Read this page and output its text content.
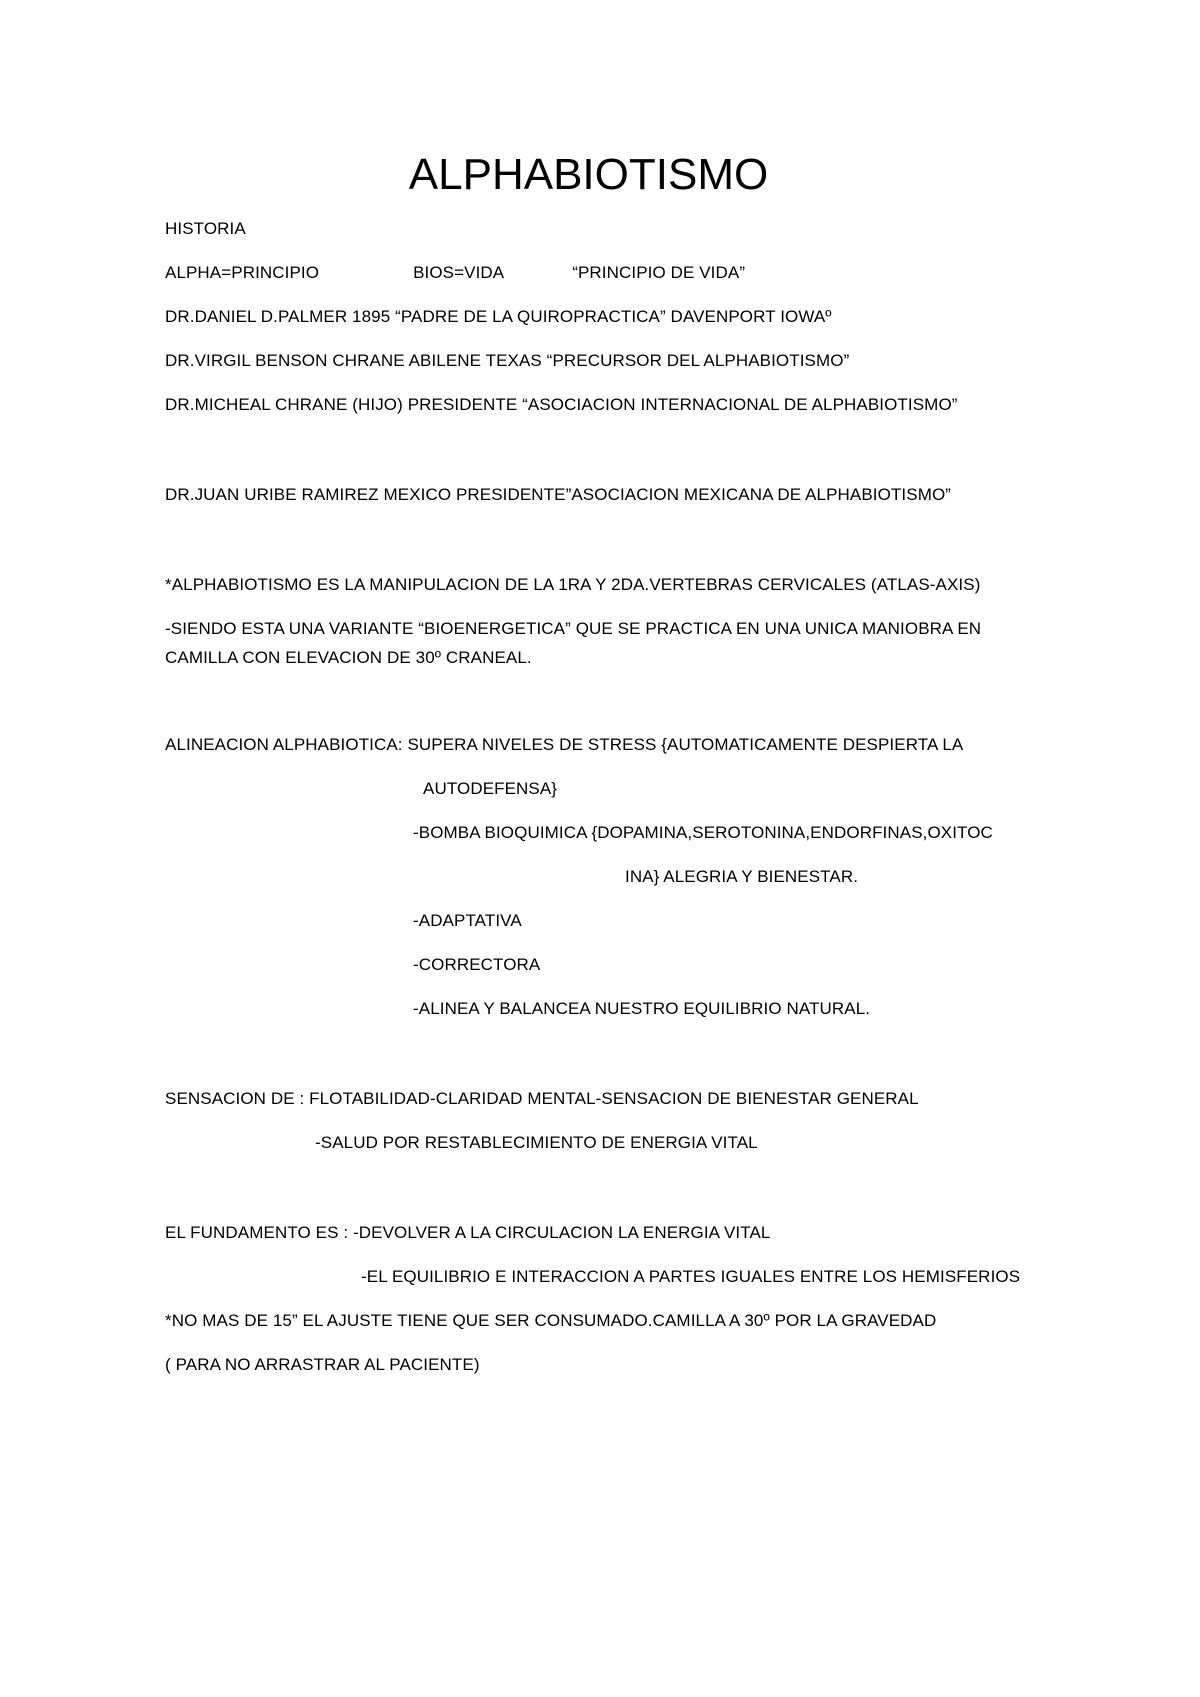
ALPHABIOTISMO
HISTORIA
ALPHA=PRINCIPIO	BIOS=VIDA	“PRINCIPIO DE VIDA”
DR.DANIEL D.PALMER 1895 “PADRE DE LA QUIROPRACTICA” DAVENPORT IOWAº
DR.VIRGIL BENSON CHRANE ABILENE TEXAS “PRECURSOR DEL ALPHABIOTISMO”
DR.MICHEAL CHRANE (HIJO) PRESIDENTE “ASOCIACION INTERNACIONAL DE ALPHABIOTISMO”
DR.JUAN URIBE RAMIREZ MEXICO PRESIDENTE”ASOCIACION MEXICANA DE ALPHABIOTISMO”
*ALPHABIOTISMO ES LA MANIPULACION DE LA 1RA Y 2DA.VERTEBRAS CERVICALES (ATLAS-AXIS)
-SIENDO ESTA UNA VARIANTE “BIOENERGETICA” QUE SE PRACTICA EN UNA UNICA MANIOBRA EN
CAMILLA CON ELEVACION DE 30º CRANEAL.
ALINEACION ALPHABIOTICA: SUPERA NIVELES DE STRESS {AUTOMATICAMENTE DESPIERTA LA
AUTODEFENSA}
-BOMBA BIOQUIMICA {DOPAMINA,SEROTONINA,ENDORFINAS,OXITOC
INA} ALEGRIA Y BIENESTAR.
-ADAPTATIVA
-CORRECTORA
-ALINEA Y BALANCEA NUESTRO EQUILIBRIO NATURAL.
SENSACION DE : FLOTABILIDAD-CLARIDAD MENTAL-SENSACION DE BIENESTAR GENERAL
-SALUD POR RESTABLECIMIENTO DE ENERGIA VITAL
EL FUNDAMENTO ES : -DEVOLVER A LA CIRCULACION LA ENERGIA VITAL
-EL EQUILIBRIO E INTERACCION A PARTES IGUALES ENTRE LOS HEMISFERIOS
*NO MAS DE 15” EL AJUSTE TIENE QUE SER CONSUMADO.CAMILLA A 30º POR LA GRAVEDAD
( PARA NO ARRASTRAR AL PACIENTE)
